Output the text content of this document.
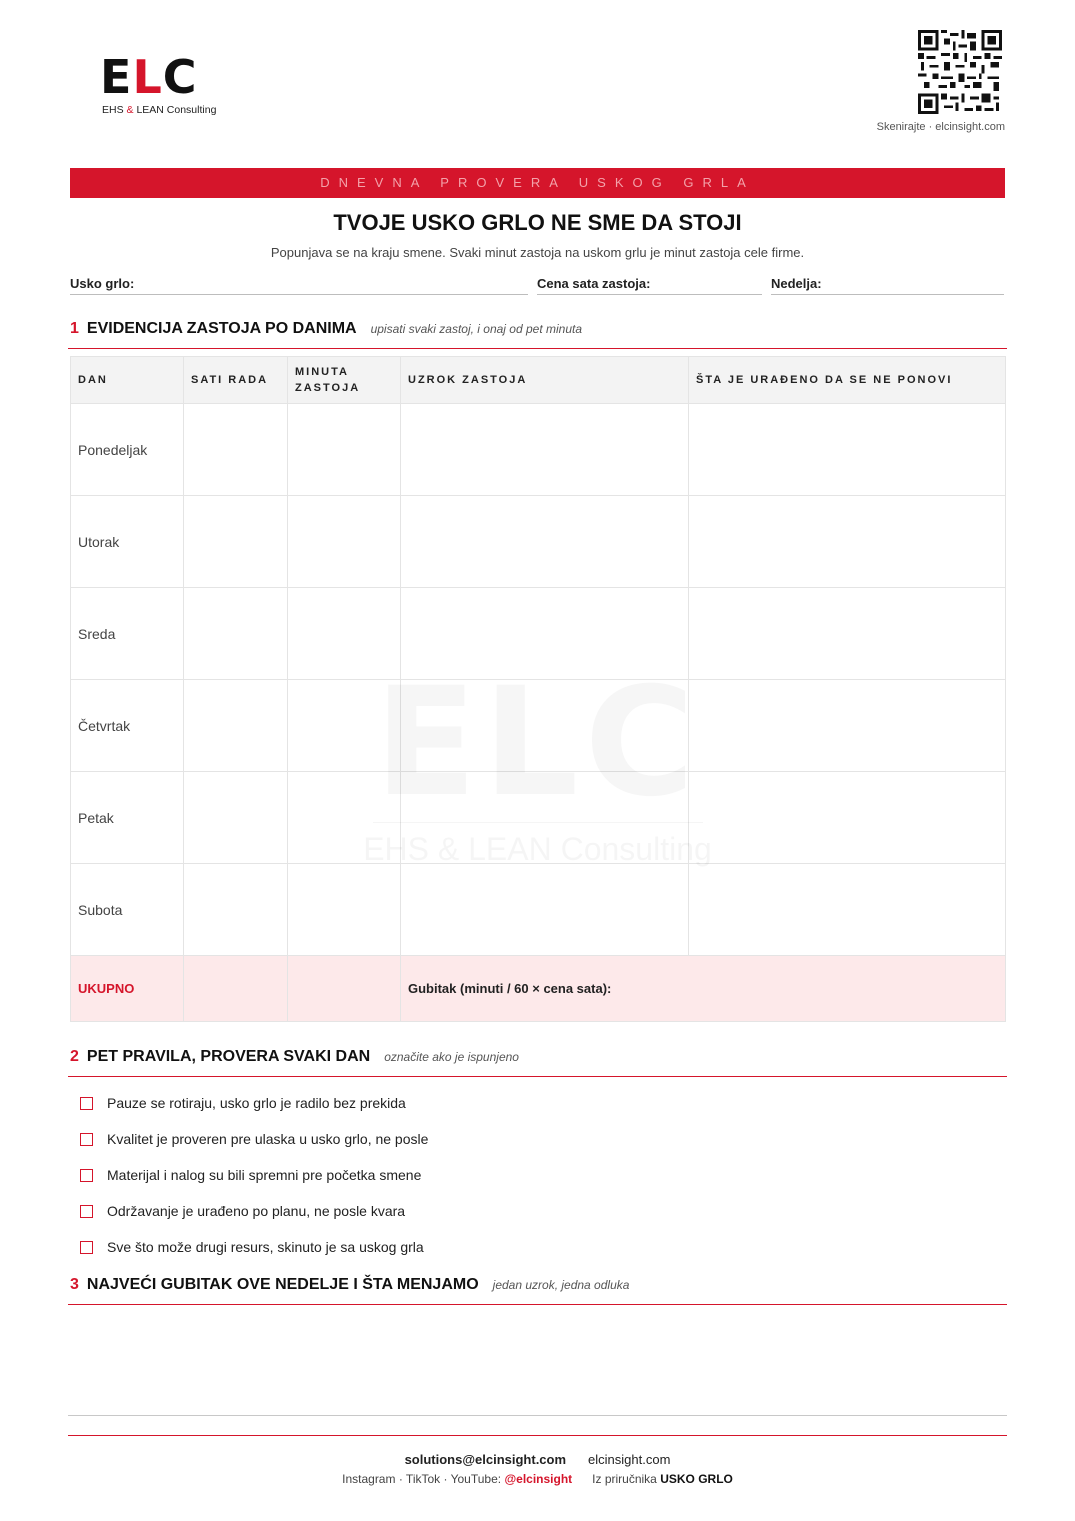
ELC
EHS & LEAN Consulting
Skenirajte · elcinsight.com
DNEVNA PROVERA USKOG GRLA
TVOJE USKO GRLO NE SME DA STOJI
Popunjava se na kraju smene. Svaki minut zastoja na uskom grlu je minut zastoja cele firme.
Usko grlo:	Cena sata zastoja:	Nedelja:
1 EVIDENCIJA ZASTOJA PO DANIMA upisati svaki zastoj, i onaj od pet minuta
DAN	SATI RADA	MINUTA ZASTOJA	UZROK ZASTOJA	ŠTA JE URAĐENO DA SE NE PONOVI
Ponedeljak				
Utorak				
Sreda				
Četvrtak				
Petak				
Subota				
UKUPNO			Gubitak (minuti / 60 × cena sata):	
2 PET PRAVILA, PROVERA SVAKI DAN označite ako je ispunjeno
Pauze se rotiraju, usko grlo je radilo bez prekida
Kvalitet je proveren pre ulaska u usko grlo, ne posle
Materijal i nalog su bili spremni pre početka smene
Održavanje je urađeno po planu, ne posle kvara
Sve što može drugi resurs, skinuto je sa uskog grla
3 NAJVEĆI GUBITAK OVE NEDELJE I ŠTA MENJAMO jedan uzrok, jedna odluka
solutions@elcinsight.com elcinsight.com
Instagram · TikTok · YouTube: @elcinsight Iz priručnika USKO GRLO
